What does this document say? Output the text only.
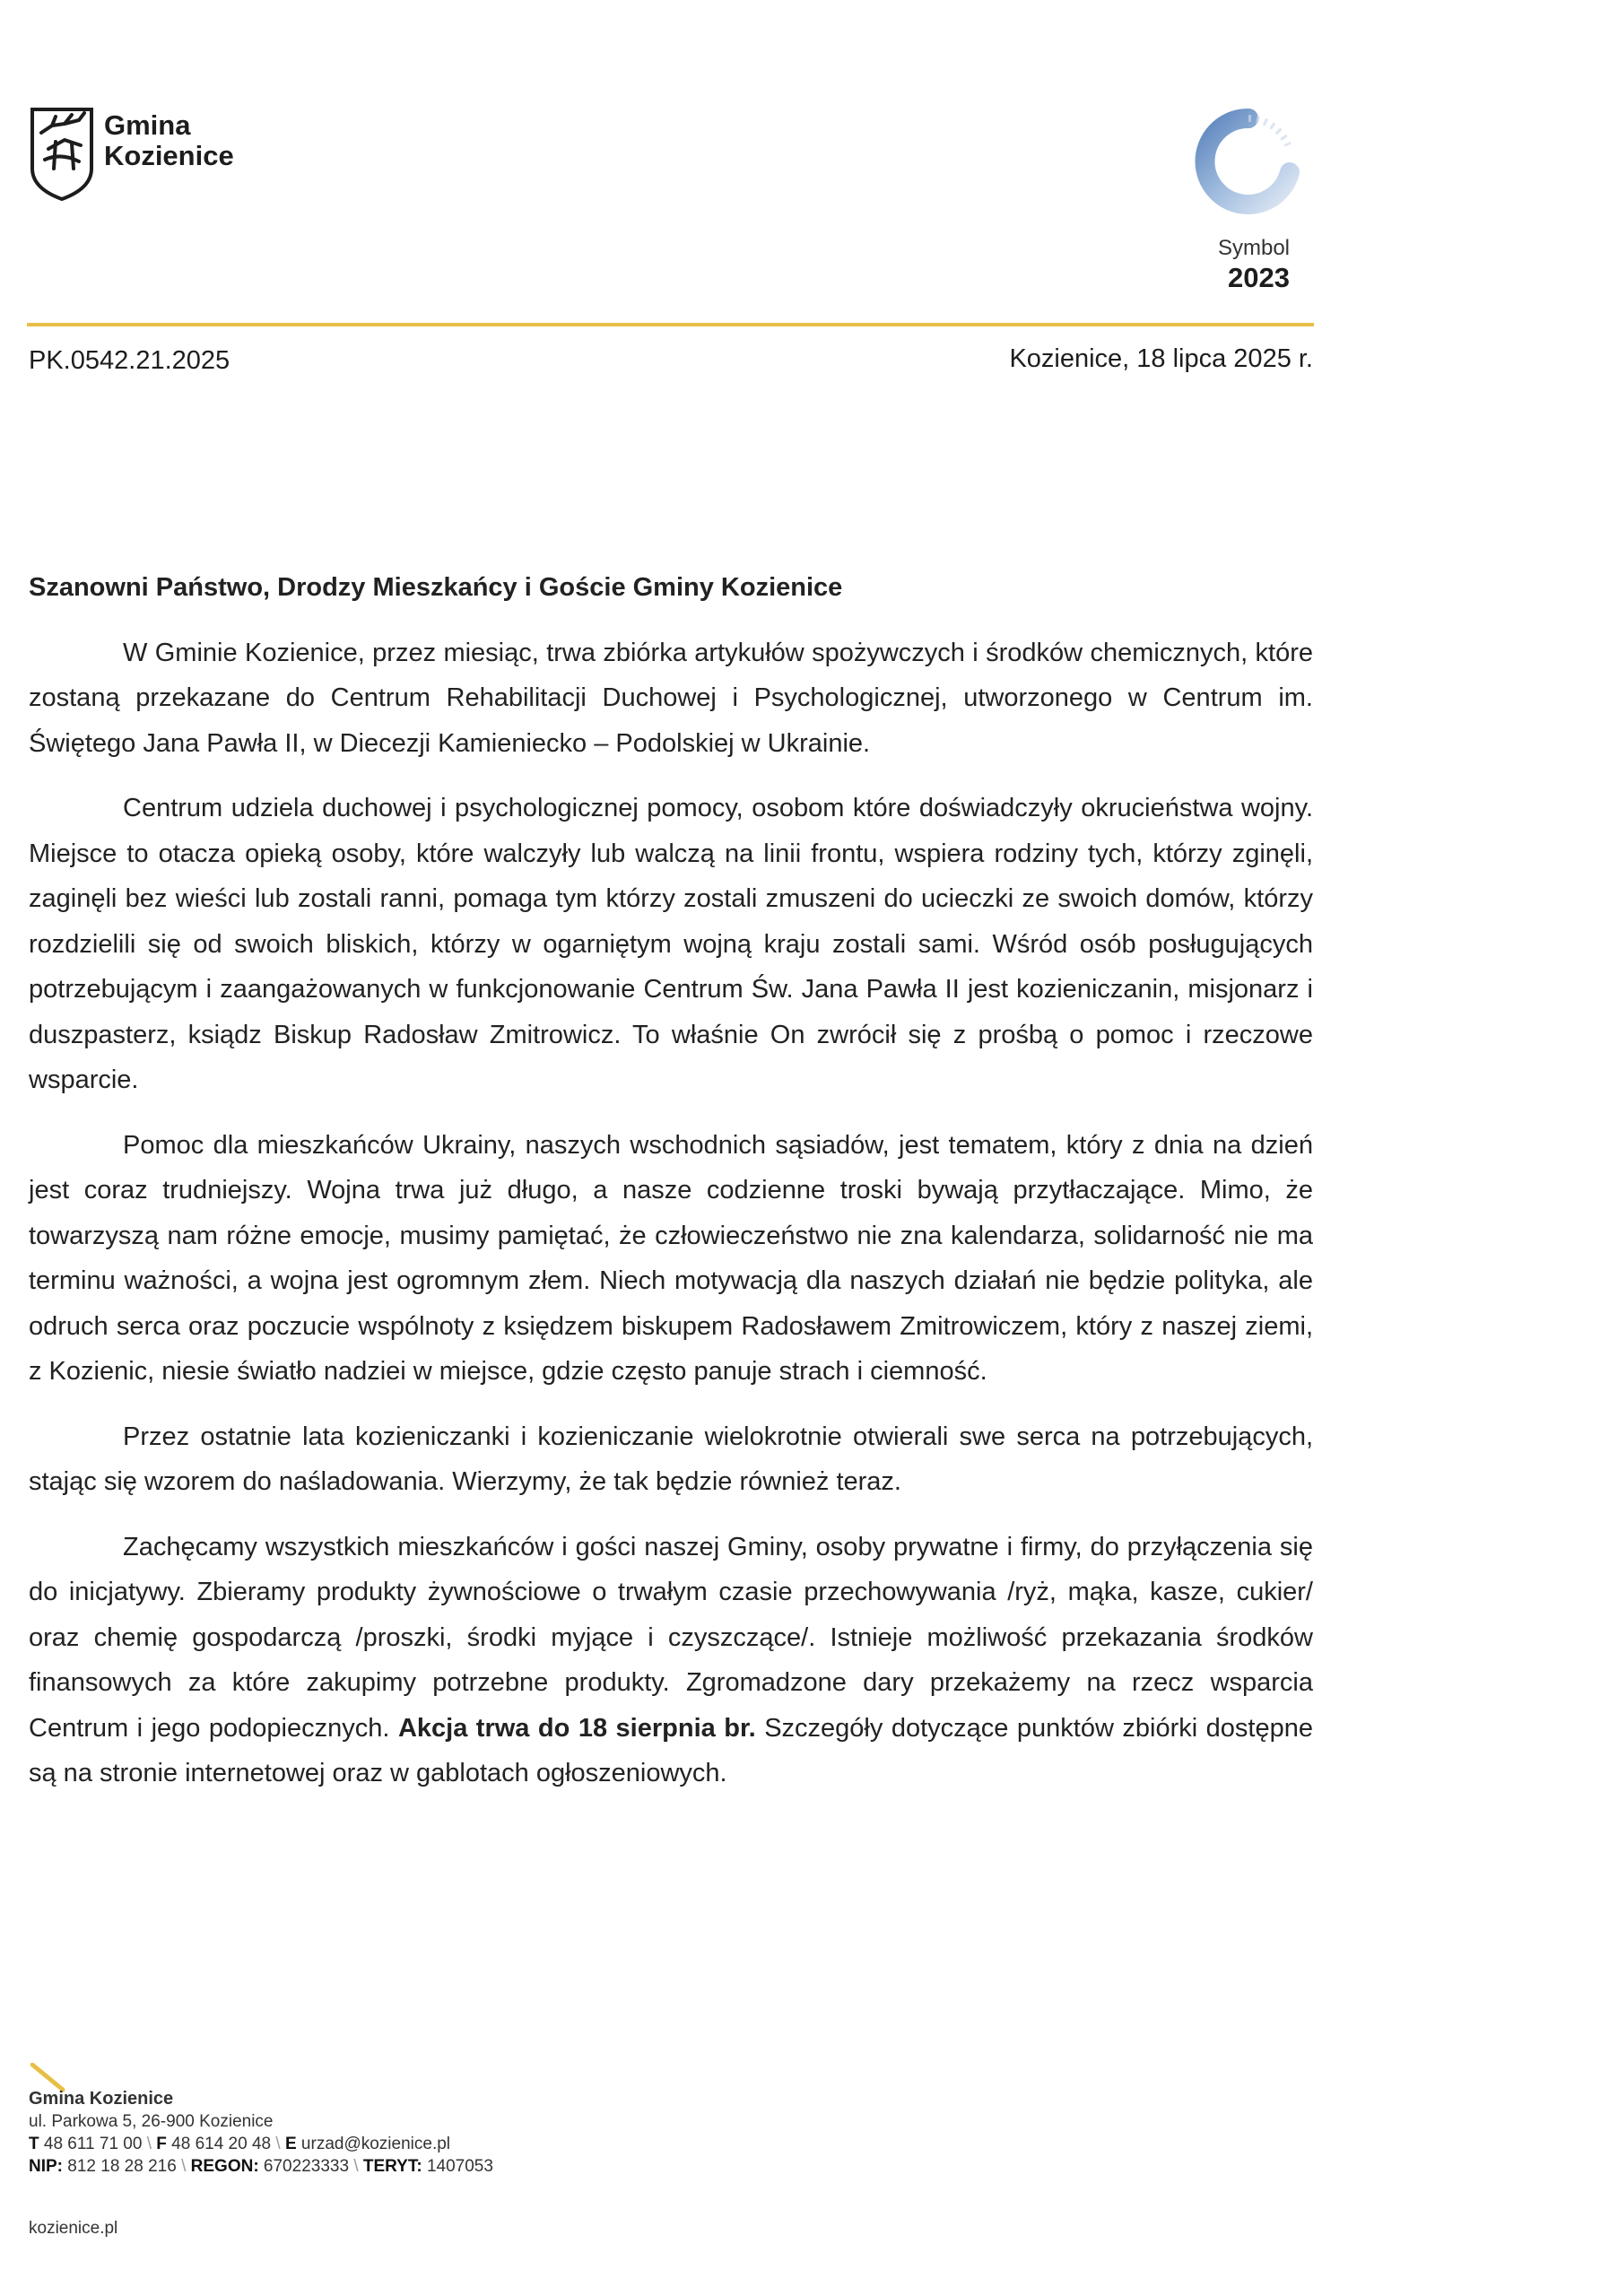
Gmina
Kozienice
Symbol
2023
PK.0542.21.2025	Kozienice, 18 lipca 2025 r.

Szanowni Państwo, Drodzy Mieszkańcy i Goście Gminy Kozienice

W Gminie Kozienice, przez miesiąc, trwa zbiórka artykułów spożywczych i środków chemicznych, które zostaną przekazane do Centrum Rehabilitacji Duchowej i Psychologicznej, utworzonego w Centrum im. Świętego Jana Pawła II, w Diecezji Kamieniecko – Podolskiej w Ukrainie.

Centrum udziela duchowej i psychologicznej pomocy, osobom które doświadczyły okrucieństwa wojny. Miejsce to otacza opieką osoby, które walczyły lub walczą na linii frontu, wspiera rodziny tych, którzy zginęli, zaginęli bez wieści lub zostali ranni, pomaga tym którzy zostali zmuszeni do ucieczki ze swoich domów, którzy rozdzielili się od swoich bliskich, którzy w ogarniętym wojną kraju zostali sami. Wśród osób posługujących potrzebującym i zaangażowanych w funkcjonowanie Centrum Św. Jana Pawła II jest kozieniczanin, misjonarz i duszpasterz, ksiądz Biskup Radosław Zmitrowicz. To właśnie On zwrócił się z prośbą o pomoc i rzeczowe wsparcie.

Pomoc dla mieszkańców Ukrainy, naszych wschodnich sąsiadów, jest tematem, który z dnia na dzień jest coraz trudniejszy. Wojna trwa już długo, a nasze codzienne troski bywają przytłaczające. Mimo, że towarzyszą nam różne emocje, musimy pamiętać, że człowieczeństwo nie zna kalendarza, solidarność nie ma terminu ważności, a wojna jest ogromnym złem. Niech motywacją dla naszych działań nie będzie polityka, ale odruch serca oraz poczucie wspólnoty z księdzem biskupem Radosławem Zmitrowiczem, który z naszej ziemi, z Kozienic, niesie światło nadziei w miejsce, gdzie często panuje strach i ciemność.

Przez ostatnie lata kozieniczanki i kozieniczanie wielokrotnie otwierali swe serca na potrzebujących, stając się wzorem do naśladowania. Wierzymy, że tak będzie również teraz.

Zachęcamy wszystkich mieszkańców i gości naszej Gminy, osoby prywatne i firmy, do przyłączenia się do inicjatywy. Zbieramy produkty żywnościowe o trwałym czasie przechowywania /ryż, mąka, kasze, cukier/ oraz chemię gospodarczą /proszki, środki myjące i czyszczące/. Istnieje możliwość przekazania środków finansowych za które zakupimy potrzebne produkty. Zgromadzone dary przekażemy na rzecz wsparcia Centrum i jego podopiecznych. Akcja trwa do 18 sierpnia br. Szczegóły dotyczące punktów zbiórki dostępne są na stronie internetowej oraz w gablotach ogłoszeniowych.

Gmina Kozienice
ul. Parkowa 5, 26-900 Kozienice
T 48 611 71 00 \ F 48 614 20 48 \ E urzad@kozienice.pl
NIP: 812 18 28 216 \ REGON: 670223333 \ TERYT: 1407053
kozienice.pl
